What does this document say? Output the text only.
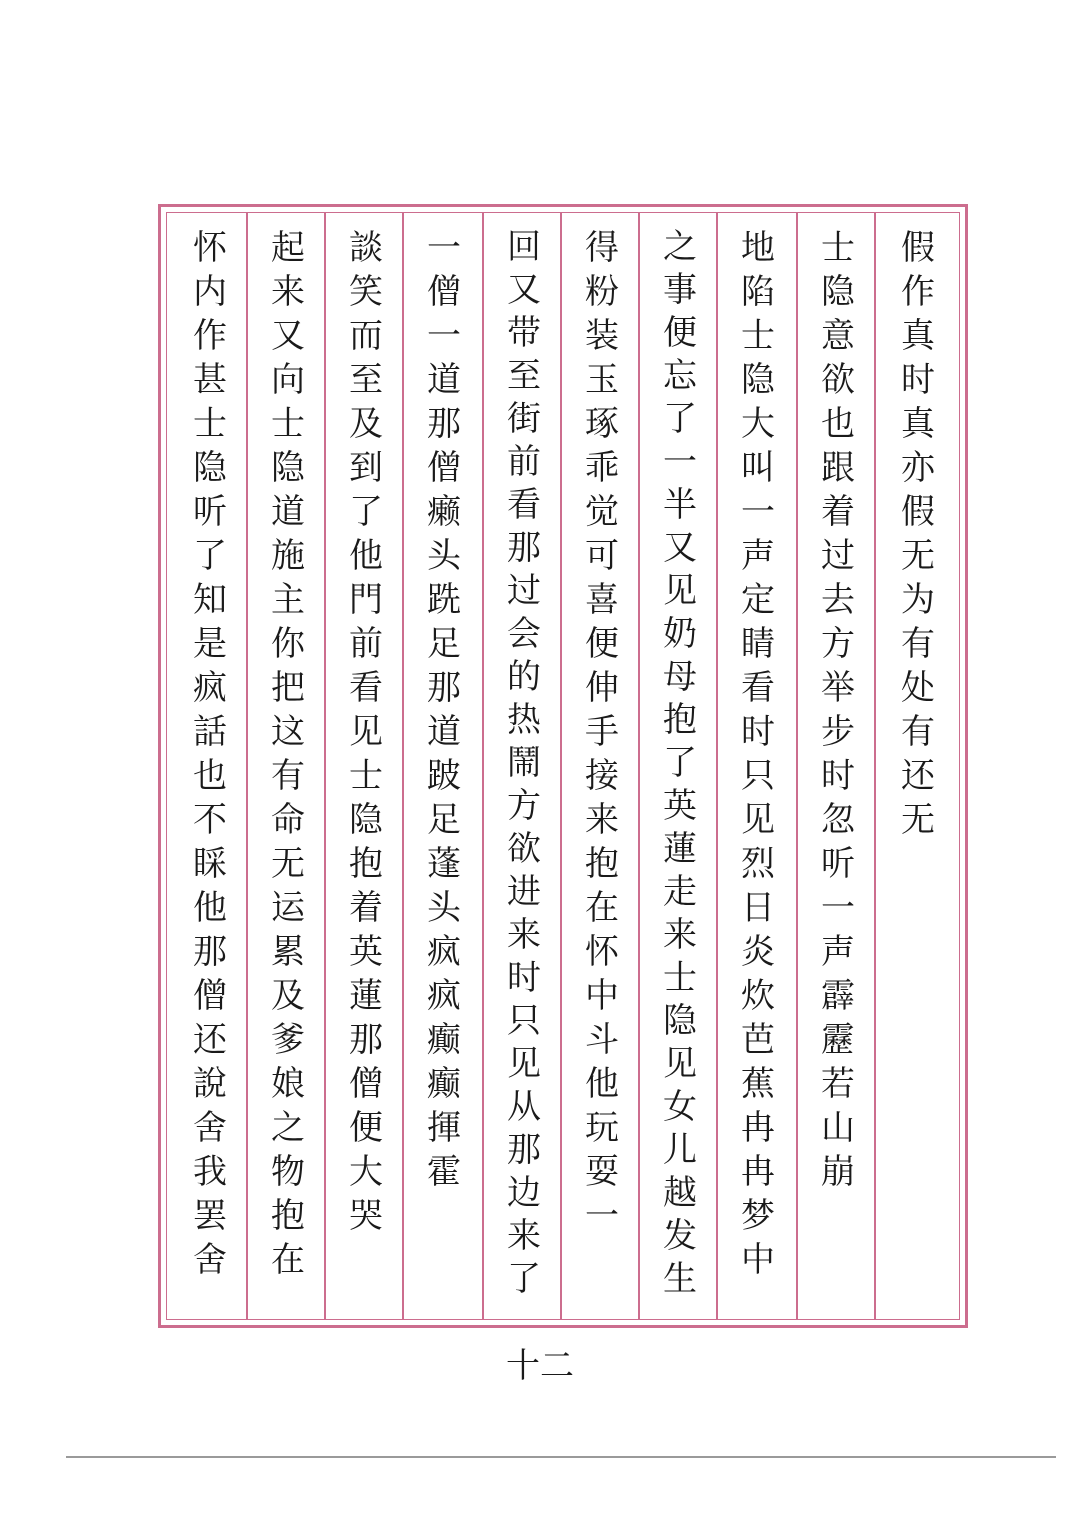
假
作
真
时
真
亦
假
无
为
有
处
有
还
无
士
隐
意
欲
也
跟
着
过
去
方
举
步
时
忽
听
一
声
霹
靂
若
山
崩
地
陷
士
隐
大
叫
一
声
定
睛
看
时
只
见
烈
日
炎
炊
芭
蕉
冉
冉
梦
中
之
事
便
忘
了
一
半
又
见
奶
母
抱
了
英
蓮
走
来
士
隐
见
女
儿
越
发
生
得
粉
装
玉
琢
乖
觉
可
喜
便
伸
手
接
来
抱
在
怀
中
斗
他
玩
耍
一
回
又
带
至
街
前
看
那
过
会
的
热
鬧
方
欲
进
来
时
只
见
从
那
边
来
了
一
僧
一
道
那
僧
癞
头
跣
足
那
道
跛
足
蓬
头
疯
疯
癫
癫
揮
霍
談
笑
而
至
及
到
了
他
門
前
看
见
士
隐
抱
着
英
蓮
那
僧
便
大
哭
起
来
又
向
士
隐
道
施
主
你
把
这
有
命
无
运
累
及
爹
娘
之
物
抱
在
怀
内
作
甚
士
隐
听
了
知
是
疯
話
也
不
睬
他
那
僧
还
說
舍
我
罢
舍
十二
